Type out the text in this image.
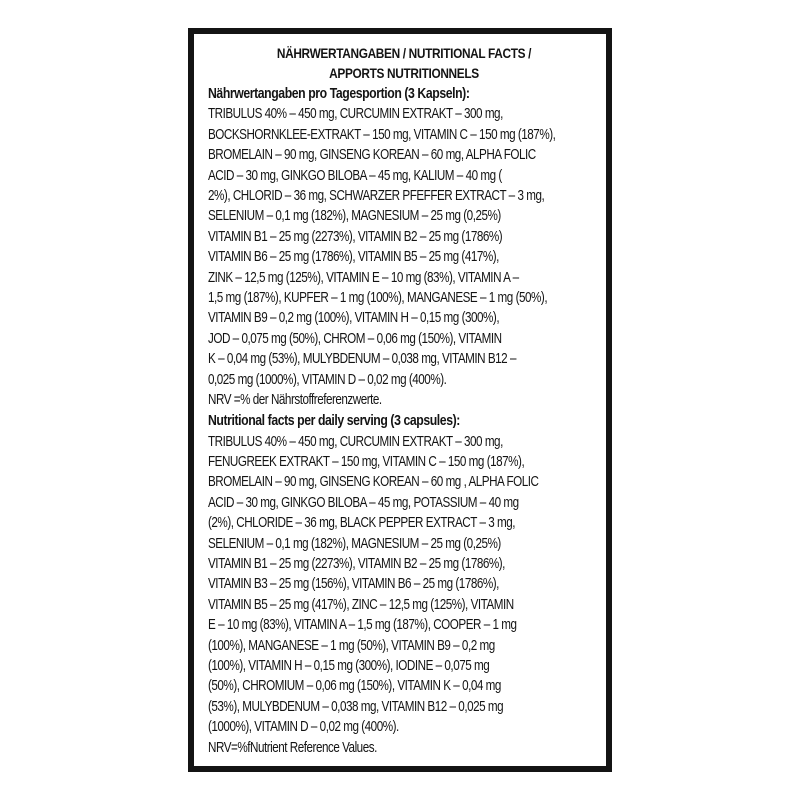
NÄHRWERTANGABEN / NUTRITIONAL FACTS /
APPORTS NUTRITIONNELS
Nährwertangaben pro Tagesportion (3 Kapseln):
TRIBULUS 40% – 450 mg, CURCUMIN EXTRAKT – 300 mg,
BOCKSHORNKLEE-EXTRAKT – 150 mg, VITAMIN C – 150 mg (187%),
BROMELAIN – 90 mg, GINSENG KOREAN – 60 mg, ALPHA FOLIC
ACID – 30 mg, GINKGO BILOBA – 45 mg, KALIUM – 40 mg (
2%), CHLORID – 36 mg, SCHWARZER PFEFFER EXTRACT – 3 mg,
SELENIUM – 0,1 mg (182%), MAGNESIUM – 25 mg (0,25%)
VITAMIN B1 – 25 mg (2273%), VITAMIN B2 – 25 mg (1786%)
VITAMIN B6 – 25 mg (1786%), VITAMIN B5 – 25 mg (417%),
ZINK – 12,5 mg (125%), VITAMIN E – 10 mg (83%), VITAMIN A –
1,5 mg (187%), KUPFER – 1 mg (100%), MANGANESE – 1 mg (50%),
VITAMIN B9 – 0,2 mg (100%), VITAMIN H – 0,15 mg (300%),
JOD – 0,075 mg (50%), CHROM – 0,06 mg (150%), VITAMIN
K – 0,04 mg (53%), MULYBDENUM – 0,038 mg, VITAMIN B12 –
0,025 mg (1000%), VITAMIN D – 0,02 mg (400%).
NRV =% der Nährstoffreferenzwerte.
Nutritional facts per daily serving (3 capsules):
TRIBULUS 40% – 450 mg, CURCUMIN EXTRAKT – 300 mg,
FENUGREEK EXTRAKT – 150 mg, VITAMIN C – 150 mg (187%),
BROMELAIN – 90 mg, GINSENG KOREAN – 60 mg , ALPHA FOLIC
ACID – 30 mg, GINKGO BILOBA – 45 mg, POTASSIUM – 40 mg
(2%), CHLORIDE – 36 mg, BLACK PEPPER EXTRACT – 3 mg,
SELENIUM – 0,1 mg (182%), MAGNESIUM – 25 mg (0,25%)
VITAMIN B1 – 25 mg (2273%), VITAMIN B2 – 25 mg (1786%),
VITAMIN B3 – 25 mg (156%), VITAMIN B6 – 25 mg (1786%),
VITAMIN B5 – 25 mg (417%), ZINC – 12,5 mg (125%), VITAMIN
E – 10 mg (83%), VITAMIN A – 1,5 mg (187%), COOPER – 1 mg
(100%), MANGANESE – 1 mg (50%), VITAMIN B9 – 0,2 mg
(100%), VITAMIN H – 0,15 mg (300%), IODINE – 0,075 mg
(50%), CHROMIUM – 0,06 mg (150%), VITAMIN K – 0,04 mg
(53%), MULYBDENUM – 0,038 mg, VITAMIN B12 – 0,025 mg
(1000%), VITAMIN D – 0,02 mg (400%).
NRV=%fNutrient Reference Values.
